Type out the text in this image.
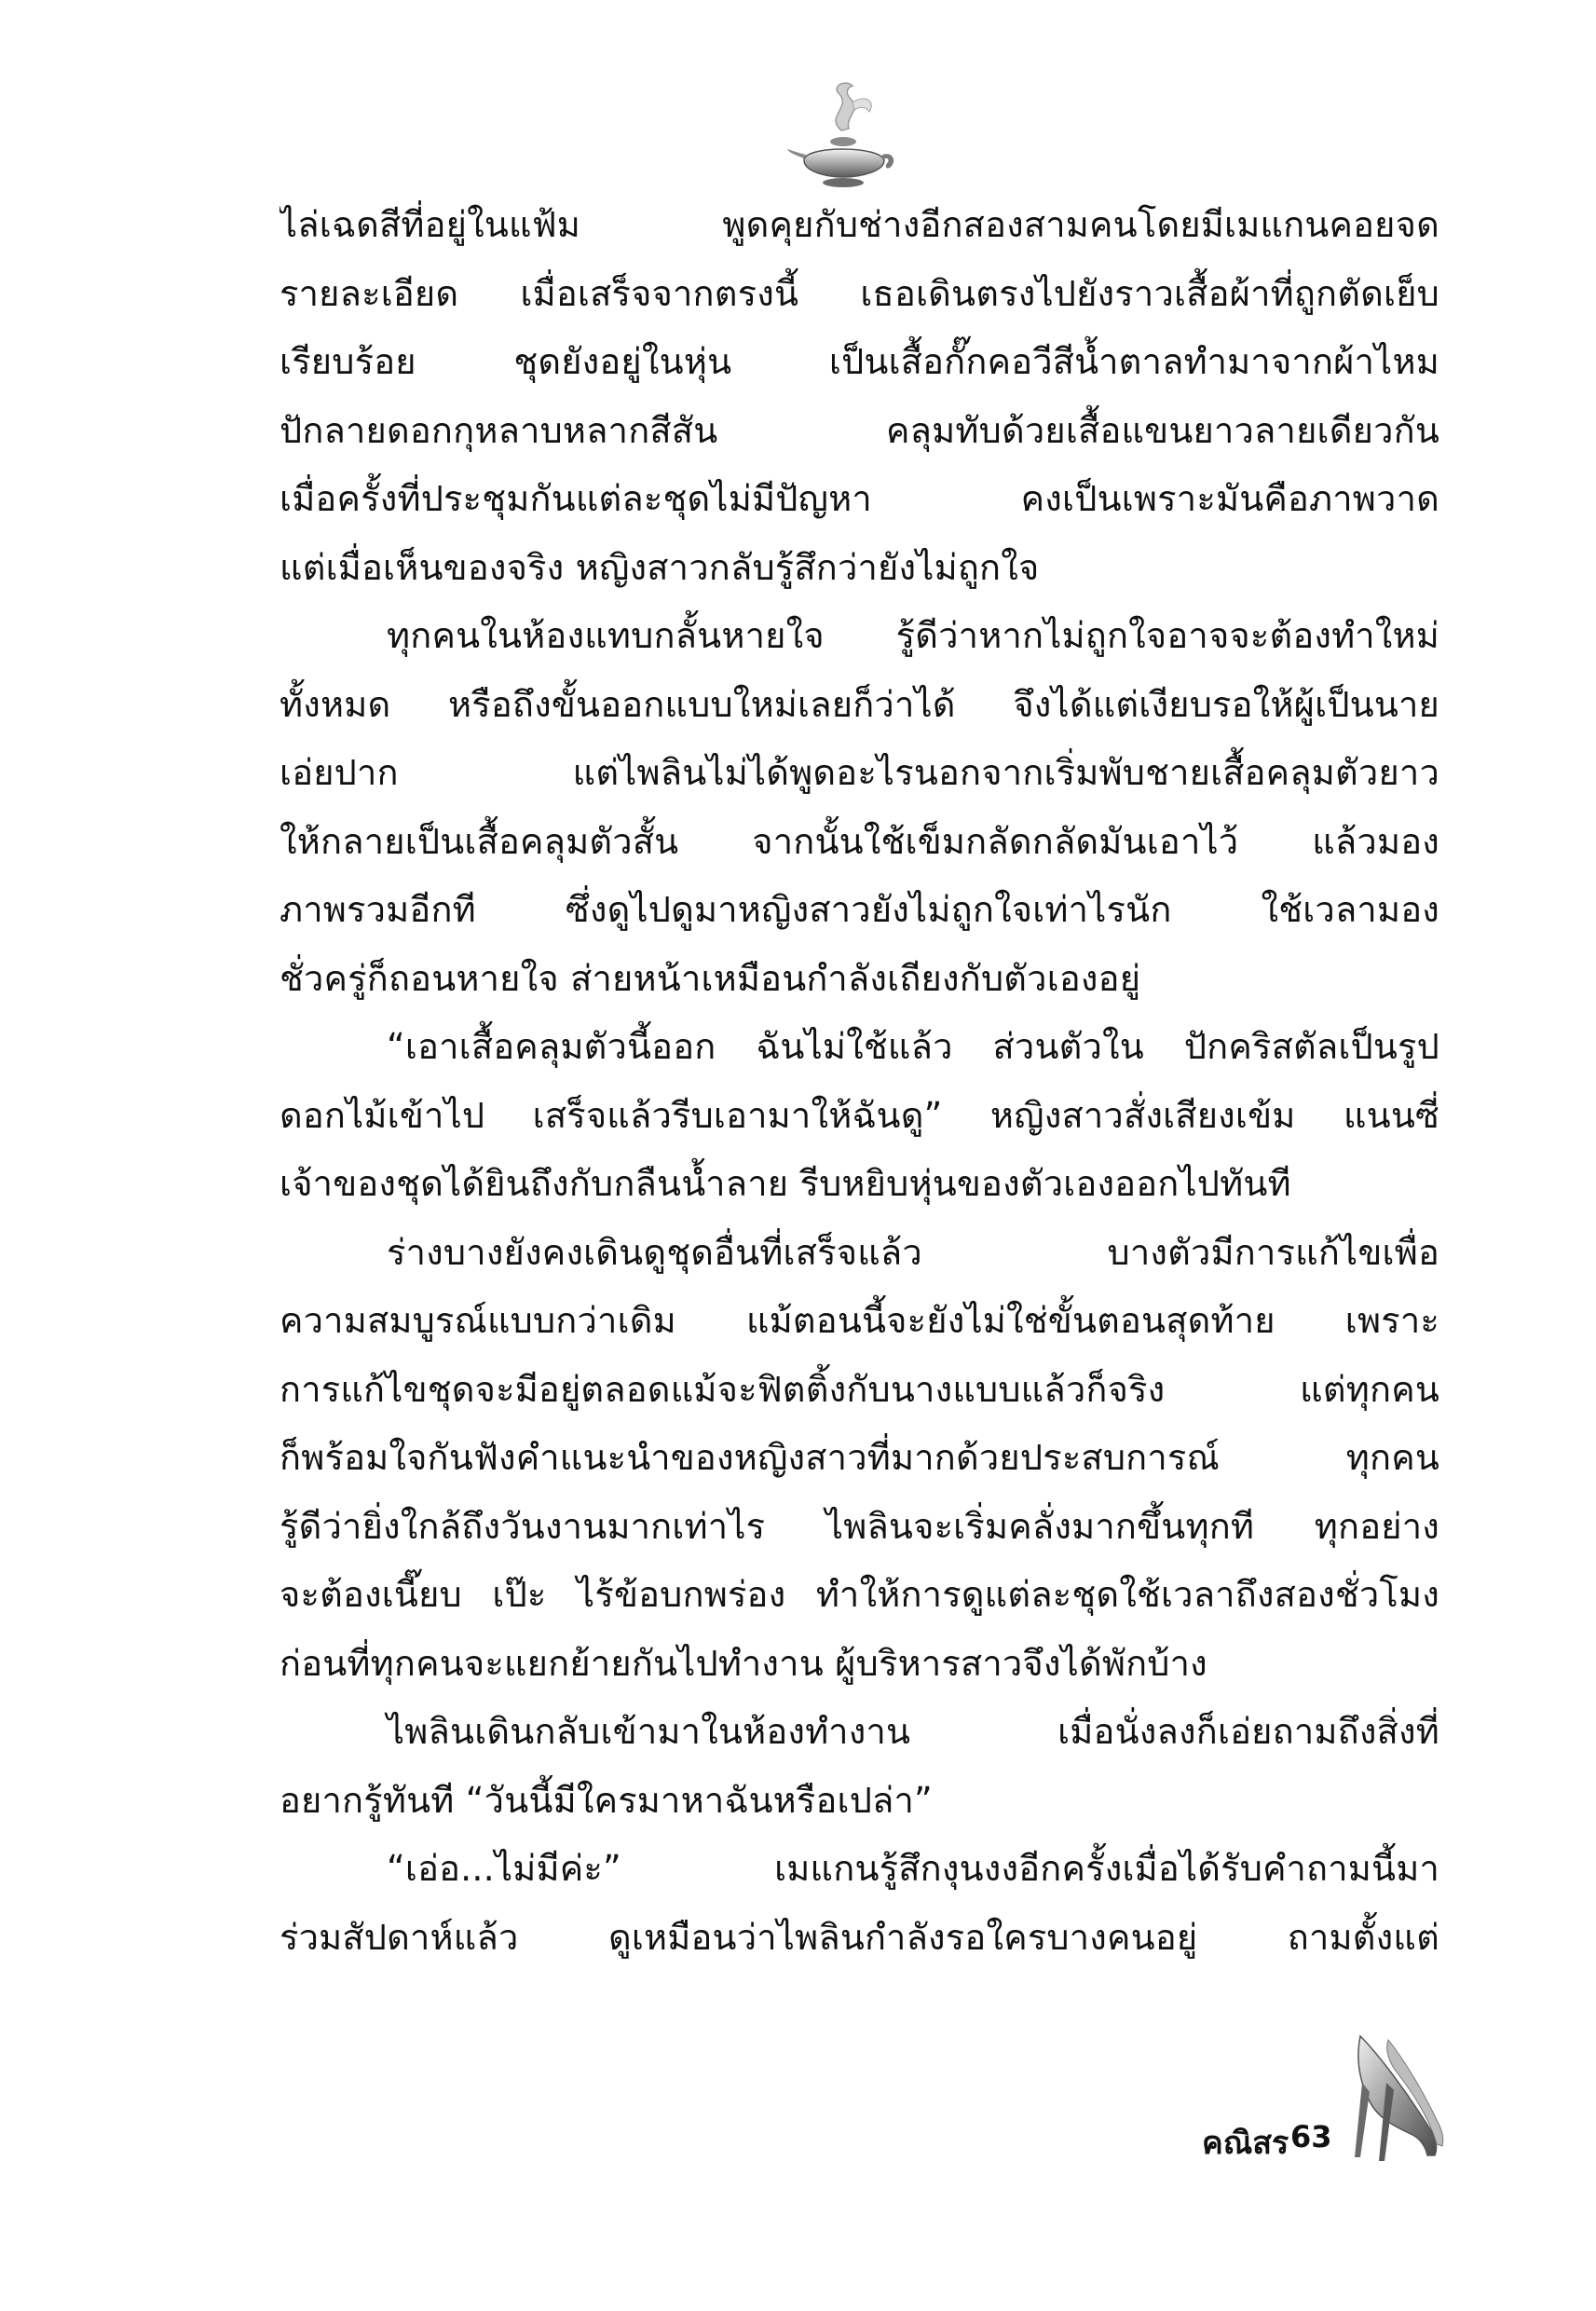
ไล่เฉดสีที่อยู่ในแฟ้ม พูดคุยกับช่างอีกสองสามคนโดยมีเมแกนคอยจด
รายละเอียด เมื่อเสร็จจากตรงนี้ เธอเดินตรงไปยังราวเสื้อผ้าที่ถูกตัดเย็บ
เรียบร้อย ชุดยังอยู่ในหุ่น เป็นเสื้อกั๊กคอวีสีน้ำตาลทำมาจากผ้าไหม
ปักลายดอกกุหลาบหลากสีสัน คลุมทับด้วยเสื้อแขนยาวลายเดียวกัน
เมื่อครั้งที่ประชุมกันแต่ละชุดไม่มีปัญหา คงเป็นเพราะมันคือภาพวาด
แต่เมื่อเห็นของจริง หญิงสาวกลับรู้สึกว่ายังไม่ถูกใจ
ทุกคนในห้องแทบกลั้นหายใจ รู้ดีว่าหากไม่ถูกใจอาจจะต้องทำใหม่
ทั้งหมด หรือถึงขั้นออกแบบใหม่เลยก็ว่าได้ จึงได้แต่เงียบรอให้ผู้เป็นนาย
เอ่ยปาก แต่ไพลินไม่ได้พูดอะไรนอกจากเริ่มพับชายเสื้อคลุมตัวยาว
ให้กลายเป็นเสื้อคลุมตัวสั้น จากนั้นใช้เข็มกลัดกลัดมันเอาไว้ แล้วมอง
ภาพรวมอีกที ซึ่งดูไปดูมาหญิงสาวยังไม่ถูกใจเท่าไรนัก ใช้เวลามอง
ชั่วครู่ก็ถอนหายใจ ส่ายหน้าเหมือนกำลังเถียงกับตัวเองอยู่
“เอาเสื้อคลุมตัวนี้ออก ฉันไม่ใช้แล้ว ส่วนตัวใน ปักคริสตัลเป็นรูป
ดอกไม้เข้าไป เสร็จแล้วรีบเอามาให้ฉันดู” หญิงสาวสั่งเสียงเข้ม แนนซี่
เจ้าของชุดได้ยินถึงกับกลืนน้ำลาย รีบหยิบหุ่นของตัวเองออกไปทันที
ร่างบางยังคงเดินดูชุดอื่นที่เสร็จแล้ว บางตัวมีการแก้ไขเพื่อ
ความสมบูรณ์แบบกว่าเดิม แม้ตอนนี้จะยังไม่ใช่ขั้นตอนสุดท้าย เพราะ
การแก้ไขชุดจะมีอยู่ตลอดแม้จะฟิตติ้งกับนางแบบแล้วก็จริง แต่ทุกคน
ก็พร้อมใจกันฟังคำแนะนำของหญิงสาวที่มากด้วยประสบการณ์ ทุกคน
รู้ดีว่ายิ่งใกล้ถึงวันงานมากเท่าไร ไพลินจะเริ่มคลั่งมากขึ้นทุกที ทุกอย่าง
จะต้องเนี๊ยบ เป๊ะ ไร้ข้อบกพร่อง ทำให้การดูแต่ละชุดใช้เวลาถึงสองชั่วโมง
ก่อนที่ทุกคนจะแยกย้ายกันไปทำงาน ผู้บริหารสาวจึงได้พักบ้าง
ไพลินเดินกลับเข้ามาในห้องทำงาน เมื่อนั่งลงก็เอ่ยถามถึงสิ่งที่
อยากรู้ทันที “วันนี้มีใครมาหาฉันหรือเปล่า”
“เอ่อ...ไม่มีค่ะ” เมแกนรู้สึกงุนงงอีกครั้งเมื่อได้รับคำถามนี้มา
ร่วมสัปดาห์แล้ว ดูเหมือนว่าไพลินกำลังรอใครบางคนอยู่ ถามตั้งแต่
คณิสร 63
